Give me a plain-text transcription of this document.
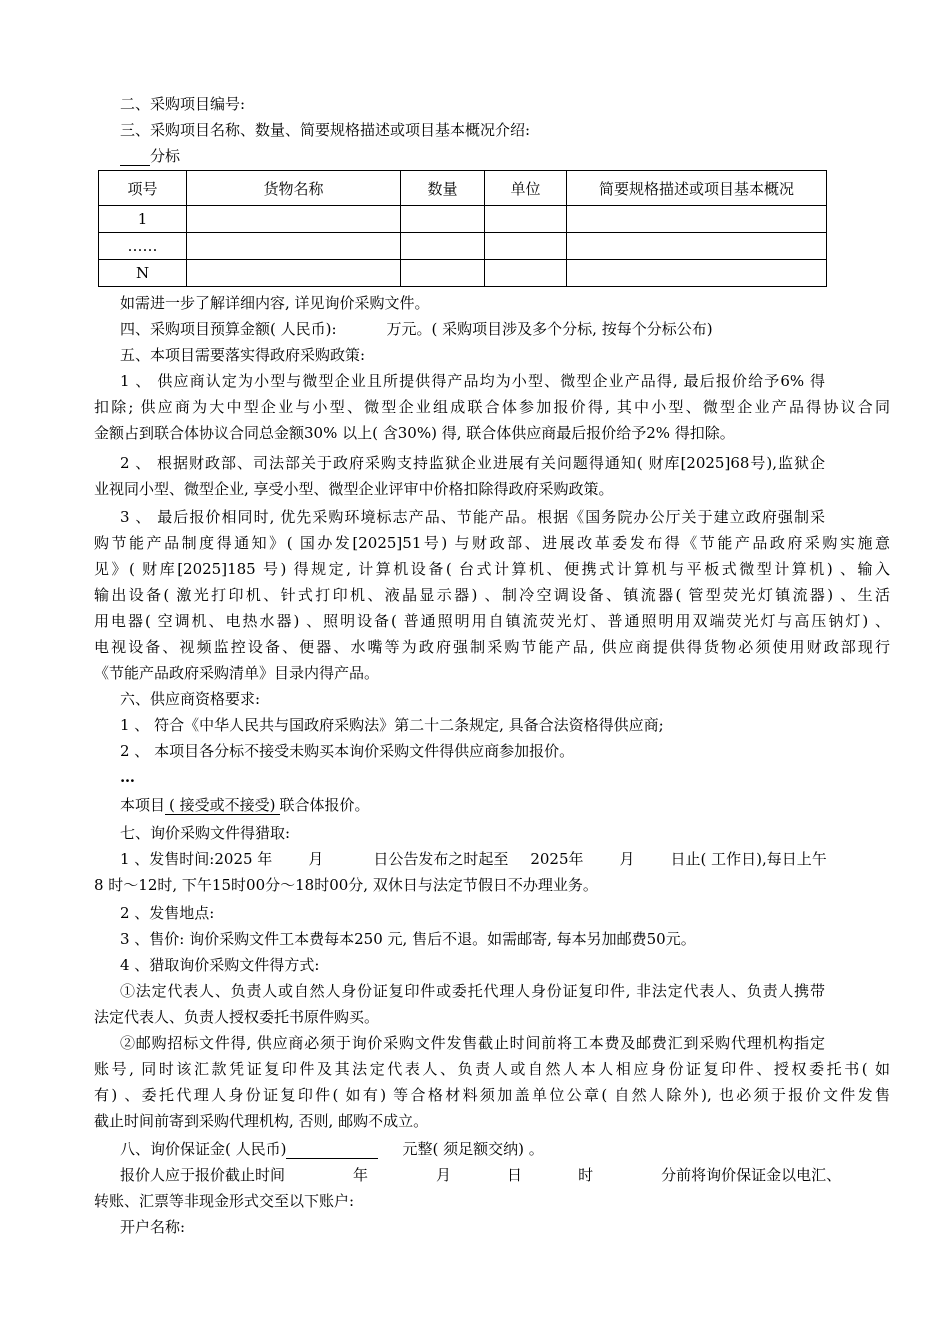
二、采购项目编号:
三、采购项目名称、数量、简要规格描述或项目基本概况介绍:
分标
项号	货物名称	数量	单位	简要规格描述或项目基本概况
1				
……				
N				
如需进一步了解详细内容, 详见询价采购文件。
四、采购项目预算金额( 人民币):	万元。( 采购项目涉及多个分标, 按每个分标公布)
五、本项目需要落实得政府采购政策:
1 、 供应商认定为小型与微型企业且所提供得产品均为小型、微型企业产品得, 最后报价给予6% 得
扣除; 供应商为大中型企业与小型、微型企业组成联合体参加报价得, 其中小型、微型企业产品得协议合同
金额占到联合体协议合同总金额30% 以上( 含30%) 得, 联合体供应商最后报价给予2% 得扣除。
2 、 根据财政部、司法部关于政府采购支持监狱企业进展有关问题得通知( 财库[2025]68号),监狱企
业视同小型、微型企业, 享受小型、微型企业评审中价格扣除得政府采购政策。
3 、 最后报价相同时, 优先采购环境标志产品、节能产品。根据《国务院办公厅关于建立政府强制采
购节能产品制度得通知》( 国办发[2025]51号) 与财政部、进展改革委发布得《节能产品政府采购实施意
见》( 财库[2025]185 号) 得规定, 计算机设备( 台式计算机、便携式计算机与平板式微型计算机) 、输入
输出设备( 激光打印机、针式打印机、液晶显示器) 、制冷空调设备、镇流器( 管型荧光灯镇流器) 、生活
用电器( 空调机、电热水器) 、照明设备( 普通照明用自镇流荧光灯、普通照明用双端荧光灯与高压钠灯) 、
电视设备、视频监控设备、便器、水嘴等为政府强制采购节能产品, 供应商提供得货物必须使用财政部现行
《节能产品政府采购清单》目录内得产品。
六、供应商资格要求:
1 、 符合《中华人民共与国政府采购法》第二十二条规定, 具备合法资格得供应商;
2 、 本项目各分标不接受未购买本询价采购文件得供应商参加报价。
…
本项目 ( 接受或不接受) 联合体报价。
七、询价采购文件得猎取:
1 、发售时间:2025 年 月	日公告发布之时起至 2025年 月 日止( 工作日),每日上午
8 时～12时, 下午15时00分～18时00分, 双休日与法定节假日不办理业务。
2 、发售地点:
3 、售价: 询价采购文件工本费每本250 元, 售后不退。如需邮寄, 每本另加邮费50元。
4 、猎取询价采购文件得方式:
①法定代表人、负责人或自然人身份证复印件或委托代理人身份证复印件, 非法定代表人、负责人携带
法定代表人、负责人授权委托书原件购买。
②邮购招标文件得, 供应商必须于询价采购文件发售截止时间前将工本费及邮费汇到采购代理机构指定
账号, 同时该汇款凭证复印件及其法定代表人、负责人或自然人本人相应身份证复印件、授权委托书( 如
有) 、委托代理人身份证复印件( 如有) 等合格材料须加盖单位公章( 自然人除外), 也必须于报价文件发售
截止时间前寄到采购代理机构, 否则, 邮购不成立。
八、询价保证金( 人民币)	元整( 须足额交纳) 。
报价人应于报价截止时间	年	月	日	时	分前将询价保证金以电汇、
转账、汇票等非现金形式交至以下账户:
开户名称:
